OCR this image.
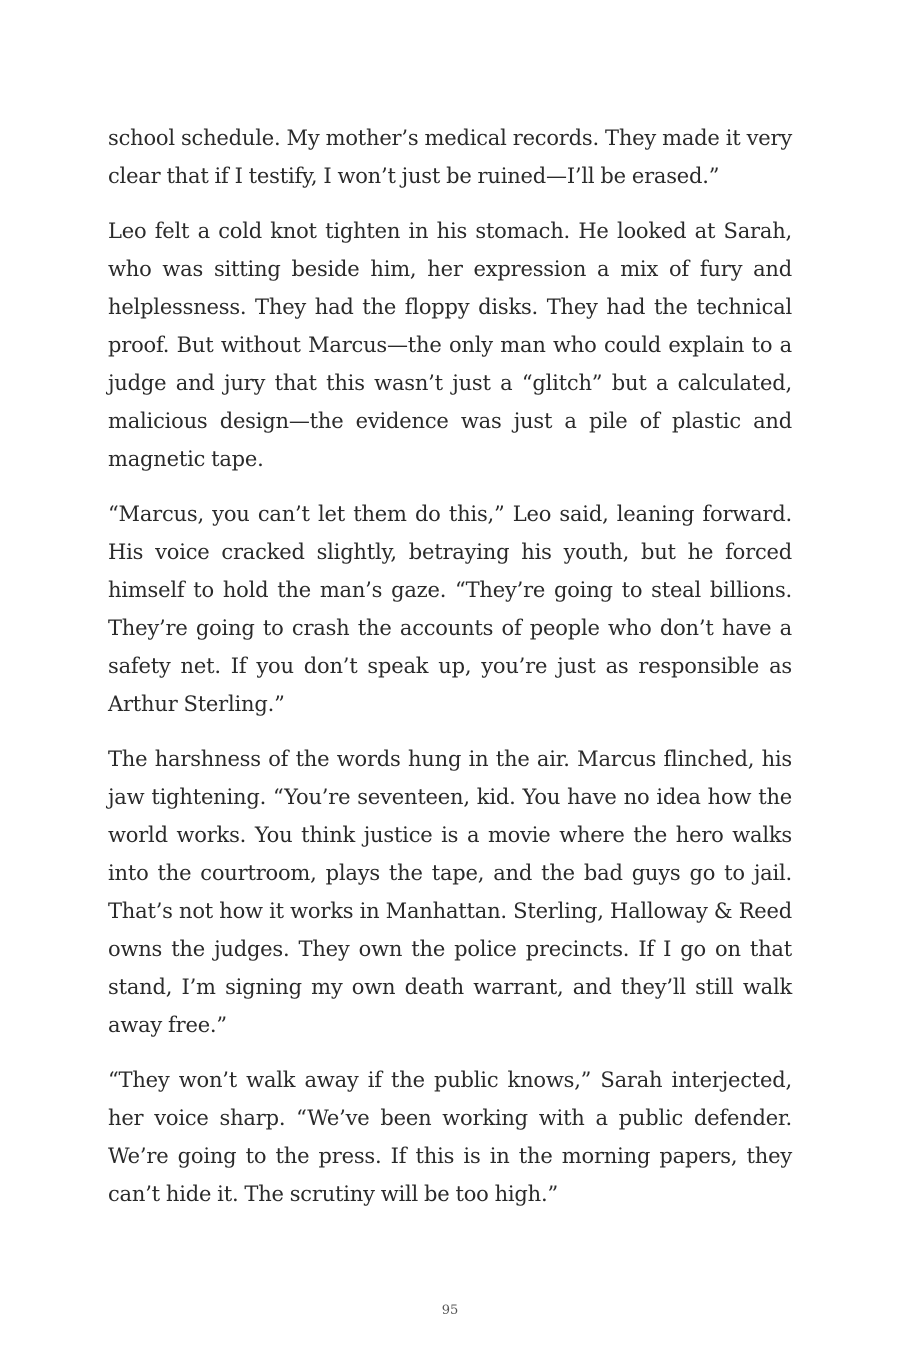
school schedule. My mother’s medical records. They made it very clear that if I testify, I won’t just be ruined—I’ll be erased.”

Leo felt a cold knot tighten in his stomach. He looked at Sarah, who was sitting beside him, her expression a mix of fury and helplessness. They had the floppy disks. They had the technical proof. But without Marcus—the only man who could explain to a judge and jury that this wasn’t just a “glitch” but a calculated, malicious design—the evidence was just a pile of plastic and magnetic tape.

“Marcus, you can’t let them do this,” Leo said, leaning forward. His voice cracked slightly, betraying his youth, but he forced himself to hold the man’s gaze. “They’re going to steal billions. They’re going to crash the accounts of people who don’t have a safety net. If you don’t speak up, you’re just as responsible as Arthur Sterling.”

The harshness of the words hung in the air. Marcus flinched, his jaw tightening. “You’re seventeen, kid. You have no idea how the world works. You think justice is a movie where the hero walks into the courtroom, plays the tape, and the bad guys go to jail. That’s not how it works in Manhattan. Sterling, Halloway & Reed owns the judges. They own the police precincts. If I go on that stand, I’m signing my own death warrant, and they’ll still walk away free.”

“They won’t walk away if the public knows,” Sarah interjected, her voice sharp. “We’ve been working with a public defender. We’re going to the press. If this is in the morning papers, they can’t hide it. The scrutiny will be too high.”

95
